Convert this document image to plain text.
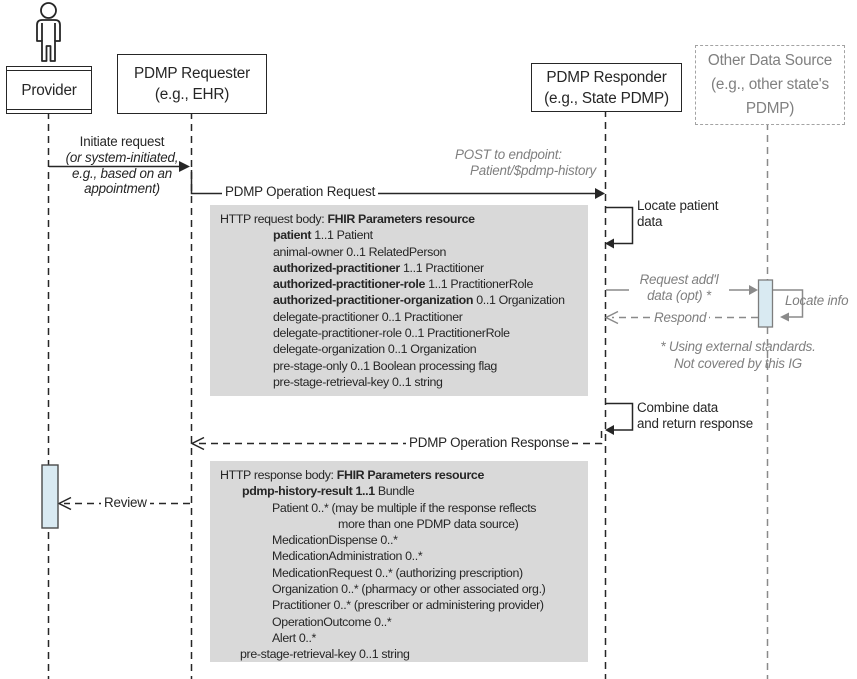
Provider
PDMP Requester
(e.g., EHR)
PDMP Responder
(e.g., State PDMP)
Other Data Source
(e.g., other state's
PDMP)
Initiate request
(or system-initiated,
e.g., based on an
appointment)	PDMP Operation Request
POST to endpoint:
Patient/$pdmp-history
Locate patient
data
Request add'l
data (opt) *	Locate info
Respond
* Using external standards.
Not covered by this IG
Combine data
and return response
PDMP Operation Response
Review
HTTP request body: FHIR Parameters resource
patient 1..1 Patient
animal-owner 0..1 RelatedPerson
authorized-practitioner 1..1 Practitioner
authorized-practitioner-role 1..1 PractitionerRole
authorized-practitioner-organization 0..1 Organization
delegate-practitioner 0..1 Practitioner
delegate-practitioner-role 0..1 PractitionerRole
delegate-organization 0..1 Organization
pre-stage-only 0..1 Boolean processing flag
pre-stage-retrieval-key 0..1 string
HTTP response body: FHIR Parameters resource
pdmp-history-result 1..1 Bundle
Patient 0..* (may be multiple if the response reflects
more than one PDMP data source)
MedicationDispense 0..*
MedicationAdministration 0..*
MedicationRequest 0..* (authorizing prescription)
Organization 0..* (pharmacy or other associated org.)
Practitioner 0..* (prescriber or administering provider)
OperationOutcome 0..*
Alert 0..*
pre-stage-retrieval-key 0..1 string
